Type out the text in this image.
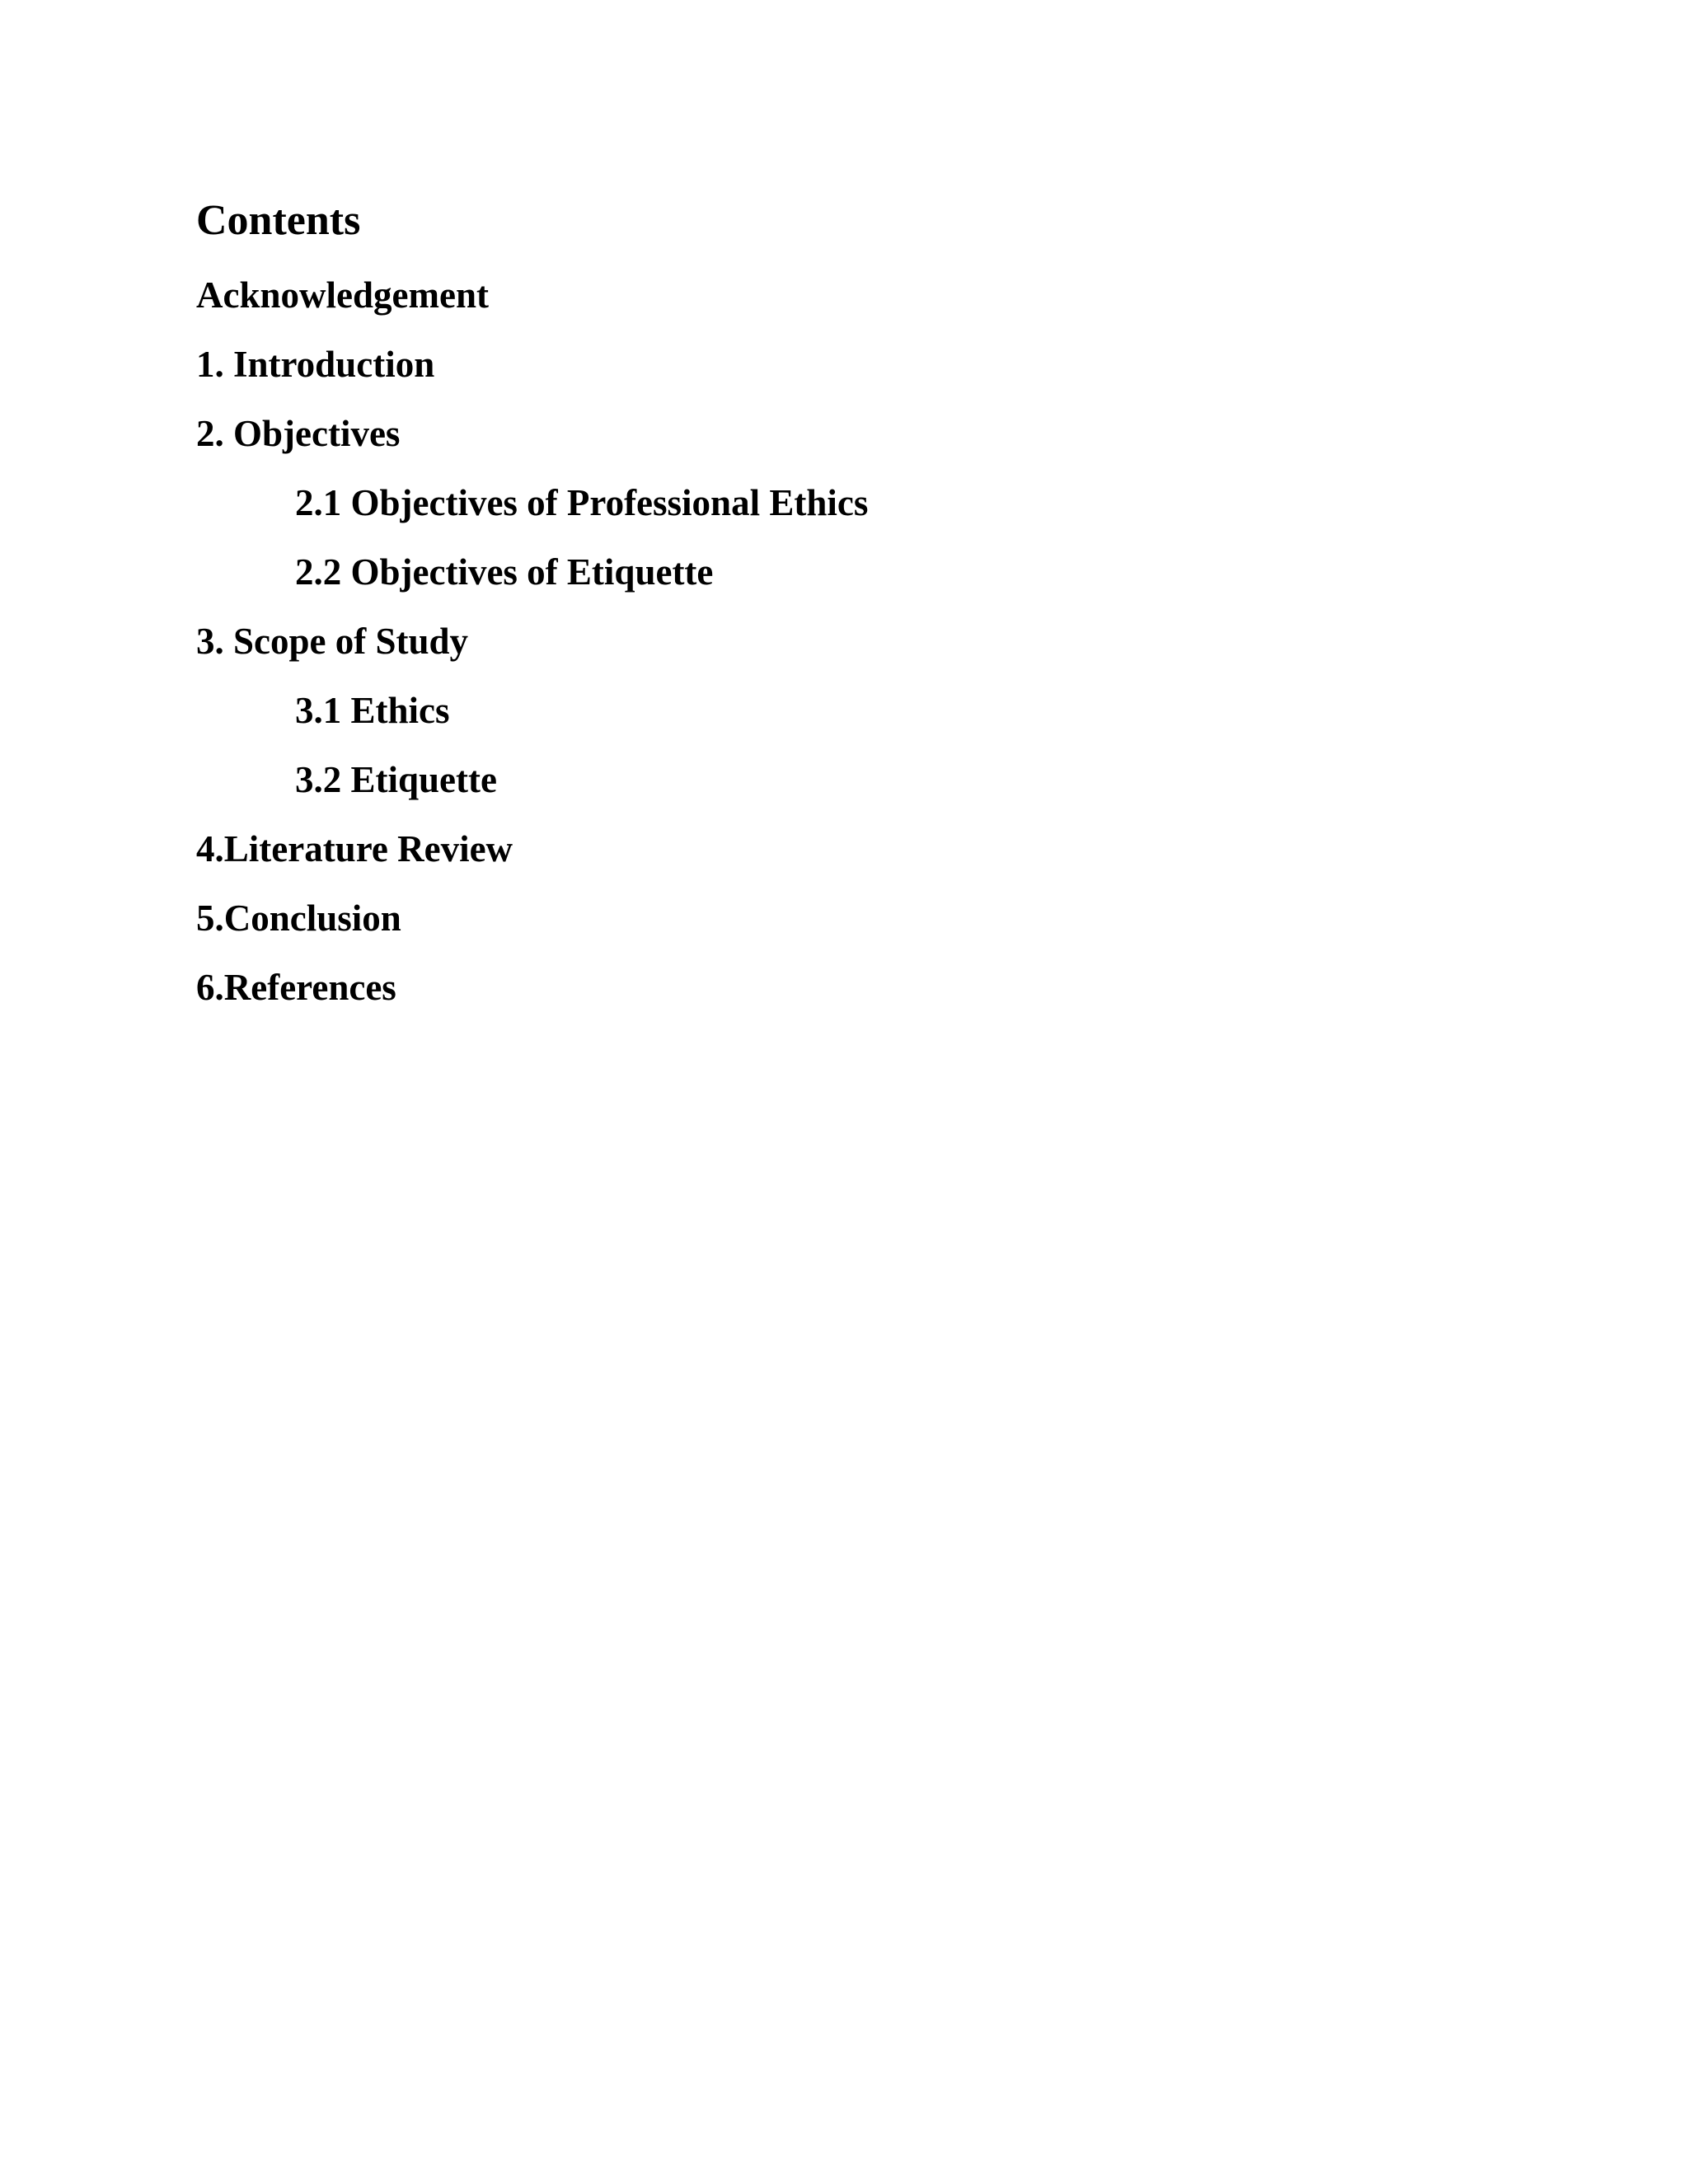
Contents
Acknowledgement
1. Introduction
2. Objectives
2.1 Objectives of Professional Ethics
2.2 Objectives of Etiquette
3. Scope of Study
3.1 Ethics
3.2 Etiquette
4.Literature Review
5.Conclusion
6.References
